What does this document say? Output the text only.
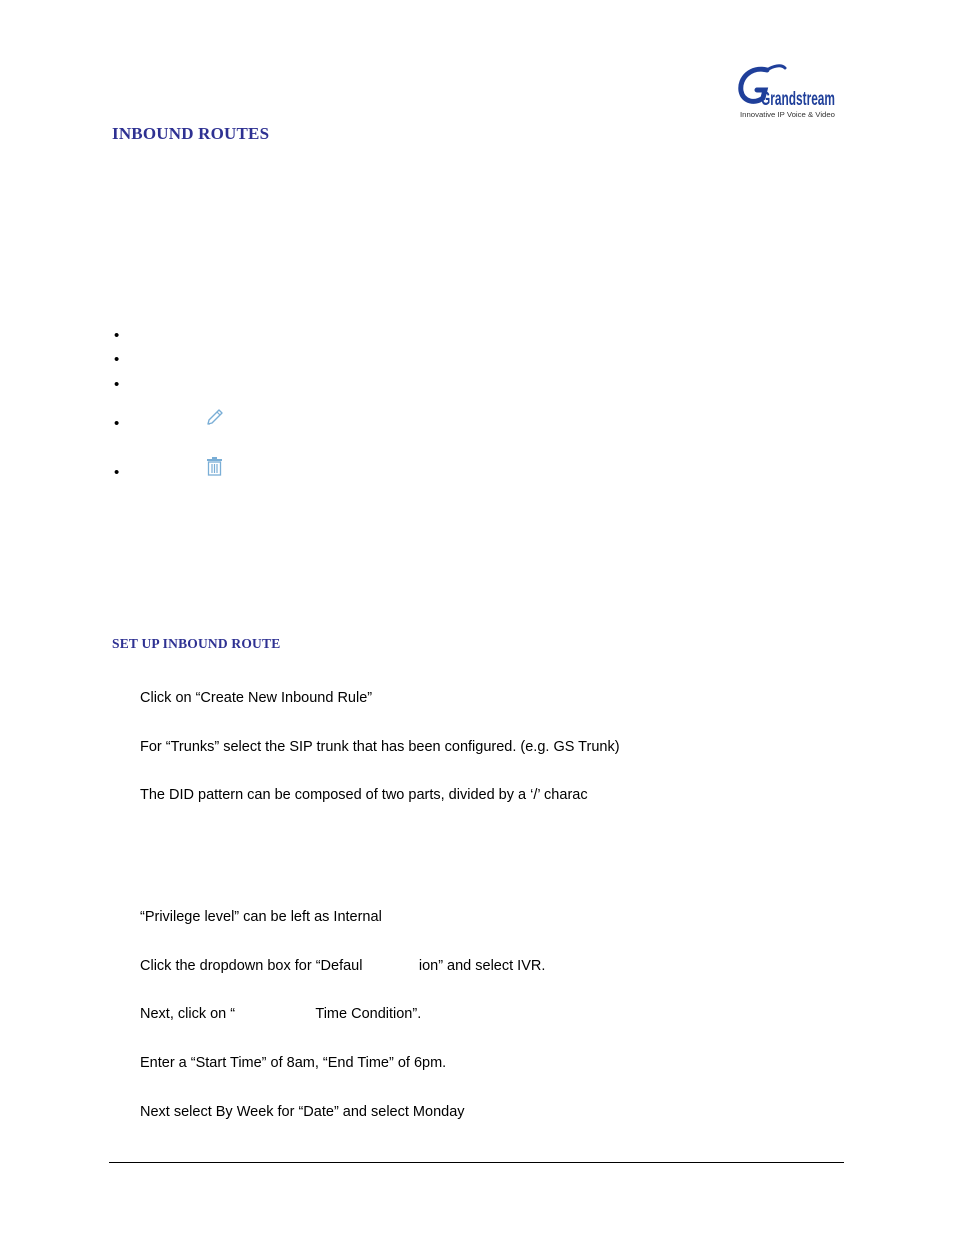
Grandstream
Innovative IP Voice & Video
INBOUND ROUTES
•
•
•
•
•
SET UP INBOUND ROUTE
Click on “Create New Inbound Rule”
For “Trunks” select the SIP trunk that has been configured. (e.g. GS Trunk)
The DID pattern can be composed of two parts, divided by a ‘/’ charac
“Privilege level” can be left as Internal
Click the dropdown box for “Defaul              ion” and select IVR.
Next, click on “                    Time Condition”.
Enter a “Start Time” of 8am, “End Time” of 6pm.
Next select By Week for “Date” and select Monday
